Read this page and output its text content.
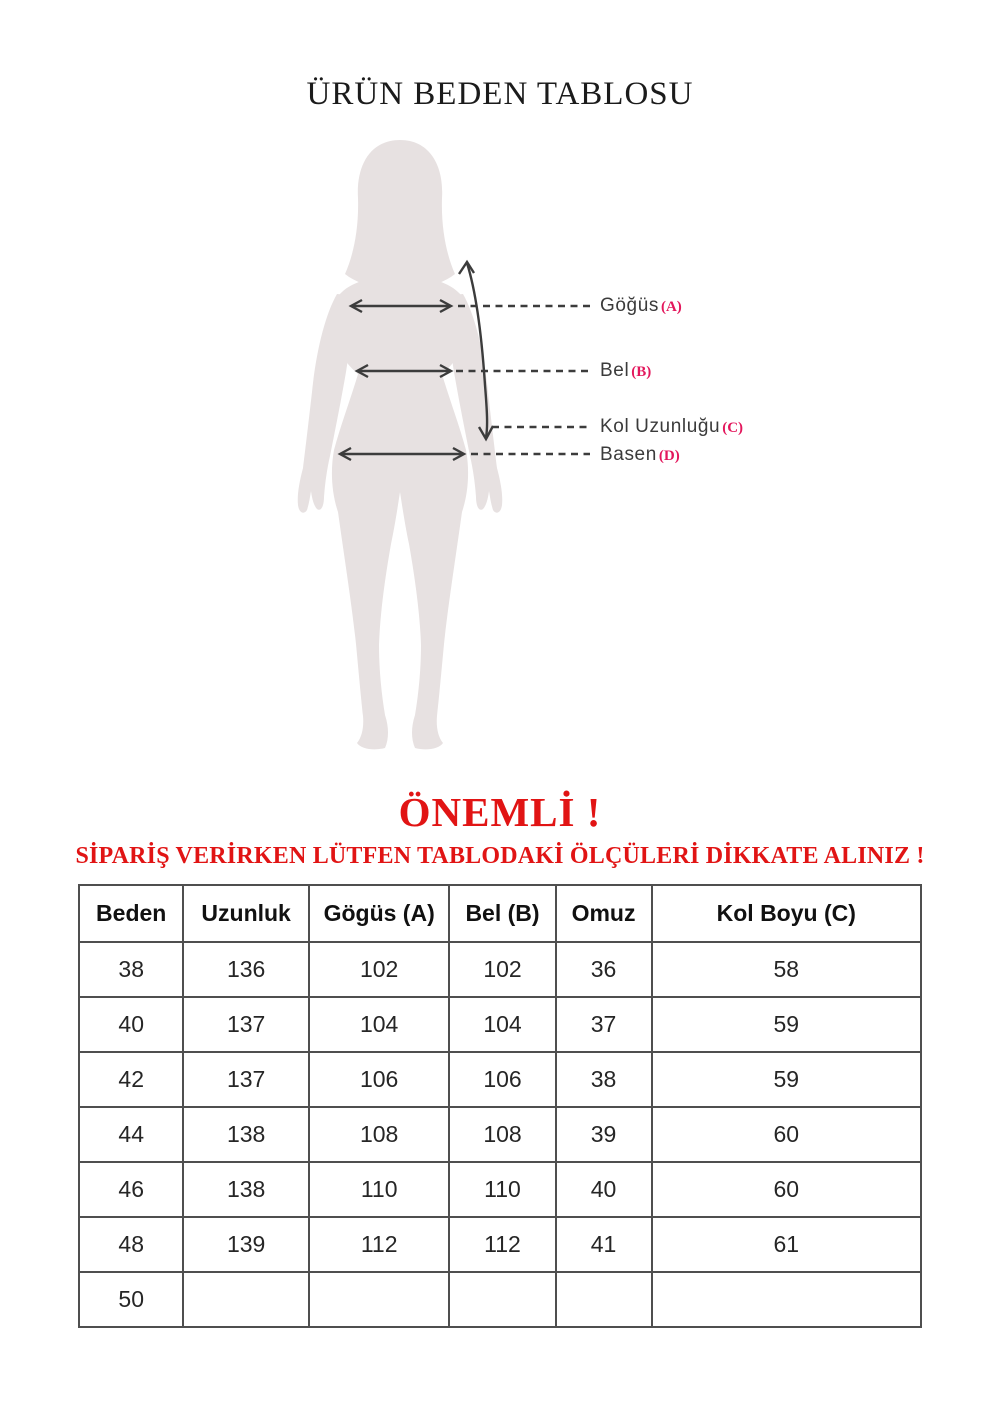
ÜRÜN BEDEN TABLOSU
Göğüs (A)
Bel (B)
Kol Uzunluğu (C)
Basen (D)
ÖNEMLİ !
SİPARİŞ VERİRKEN LÜTFEN TABLODAKİ ÖLÇÜLERİ DİKKATE ALINIZ !
Beden	Uzunluk	Gögüs (A)	Bel (B)	Omuz	Kol Boyu (C)
38	136	102	102	36	58
40	137	104	104	37	59
42	137	106	106	38	59
44	138	108	108	39	60
46	138	110	110	40	60
48	139	112	112	41	61
50					
